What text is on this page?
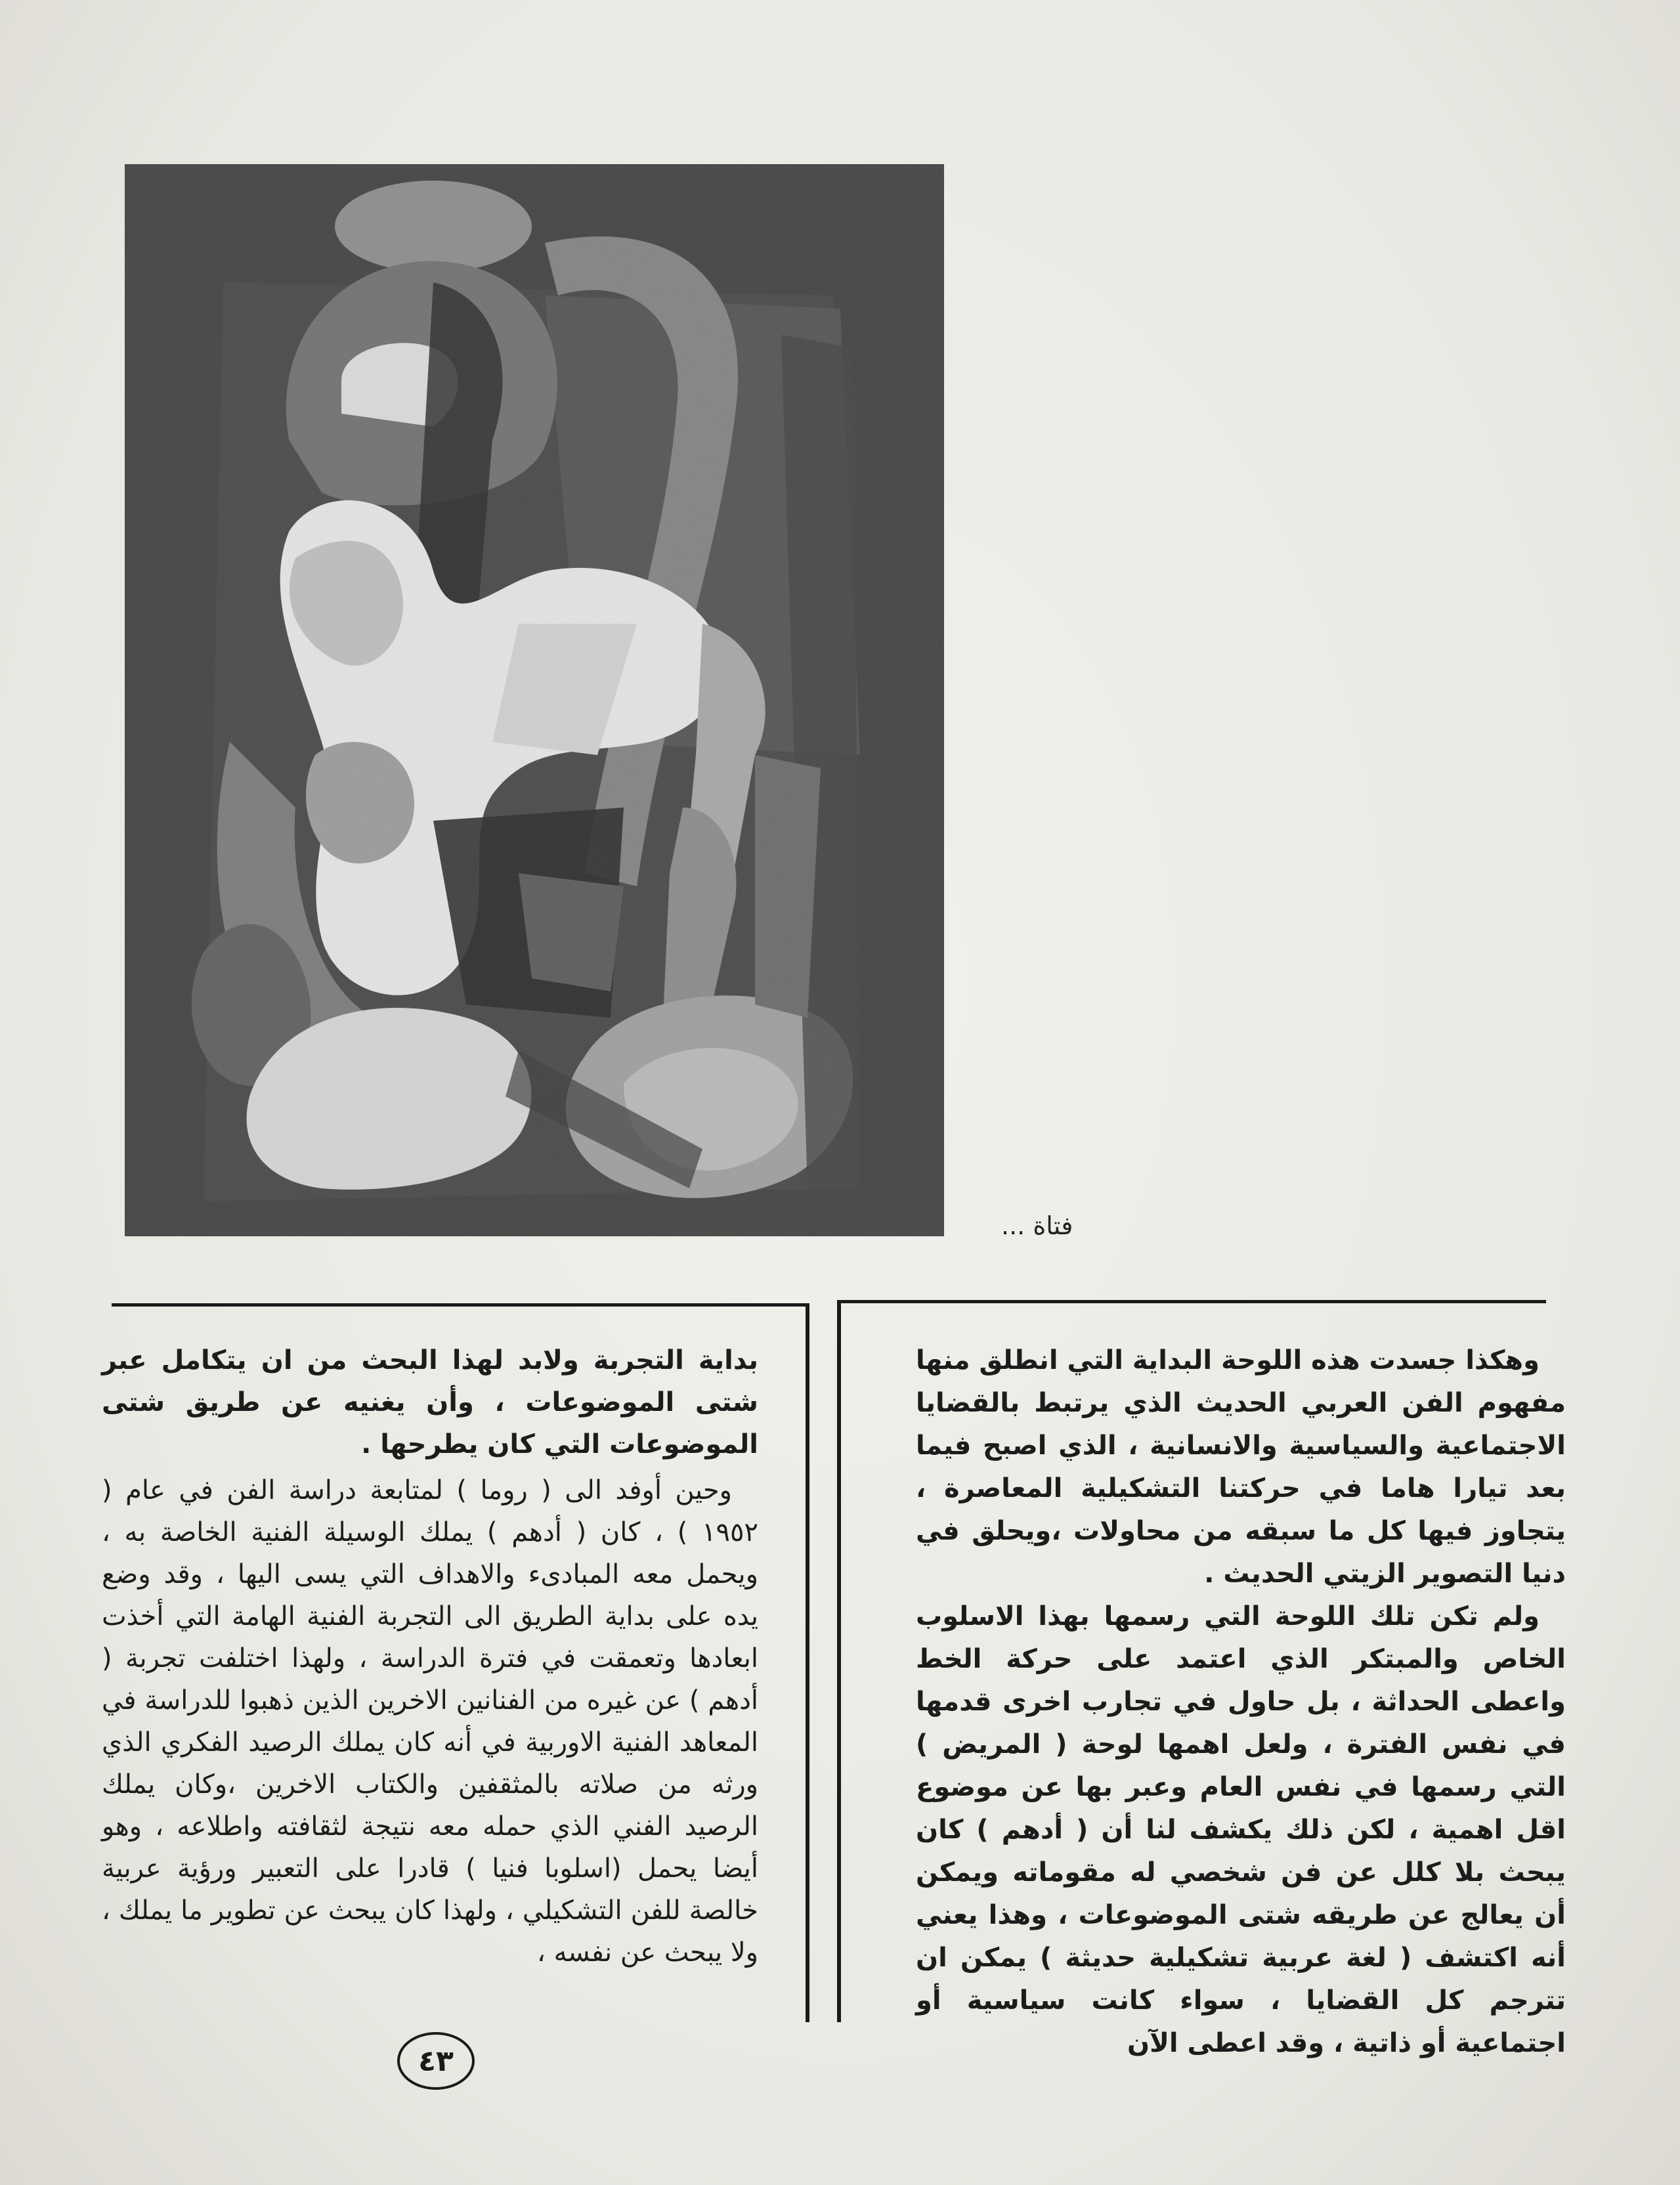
فتاة ...

وهكذا جسدت هذه اللوحة البداية التي انطلق منها مفهوم الفن العربي الحديث الذي يرتبط بالقضايا الاجتماعية والسياسية والانسانية ، الذي اصبح فيما بعد تيارا هاما في حركتنا التشكيلية المعاصرة ، يتجاوز فيها كل ما سبقه من محاولات ،ويحلق في دنيا التصوير الزيتي الحديث .

ولم تكن تلك اللوحة التي رسمها بهذا الاسلوب الخاص والمبتكر الذي اعتمد على حركة الخط واعطى الحداثة ، بل حاول في تجارب اخرى قدمها في نفس الفترة ، ولعل اهمها لوحة ( المريض ) التي رسمها في نفس العام وعبر بها عن موضوع اقل اهمية ، لكن ذلك يكشف لنا أن ( أدهم ) كان يبحث بلا كلل عن فن شخصي له مقوماته ويمكن أن يعالج عن طريقه شتى الموضوعات ، وهذا يعني أنه اكتشف ( لغة عربية تشكيلية حديثة ) يمكن ان تترجم كل القضايا ، سواء كانت سياسية أو اجتماعية أو ذاتية ، وقد اعطى الآن

بداية التجربة ولابد لهذا البحث من ان يتكامل عبر شتى الموضوعات ، وأن يغنيه عن طريق شتى الموضوعات التي كان يطرحها .

وحين أوفد الى ( روما ) لمتابعة دراسة الفن في عام ( ١٩٥٢ ) ، كان ( أدهم ) يملك الوسيلة الفنية الخاصة به ، ويحمل معه المبادىء والاهداف التي يسى اليها ، وقد وضع يده على بداية الطريق الى التجربة الفنية الهامة التي أخذت ابعادها وتعمقت في فترة الدراسة ، ولهذا اختلفت تجربة ( أدهم ) عن غيره من الفنانين الاخرين الذين ذهبوا للدراسة في المعاهد الفنية الاوربية في أنه كان يملك الرصيد الفكري الذي ورثه من صلاته بالمثقفين والكتاب الاخرين ،وكان يملك الرصيد الفني الذي حمله معه نتيجة لثقافته واطلاعه ، وهو أيضا يحمل (اسلوبا فنيا ) قادرا على التعبير ورؤية عربية خالصة للفن التشكيلي ، ولهذا كان يبحث عن تطوير ما يملك ، ولا يبحث عن نفسه ،

٤٣
